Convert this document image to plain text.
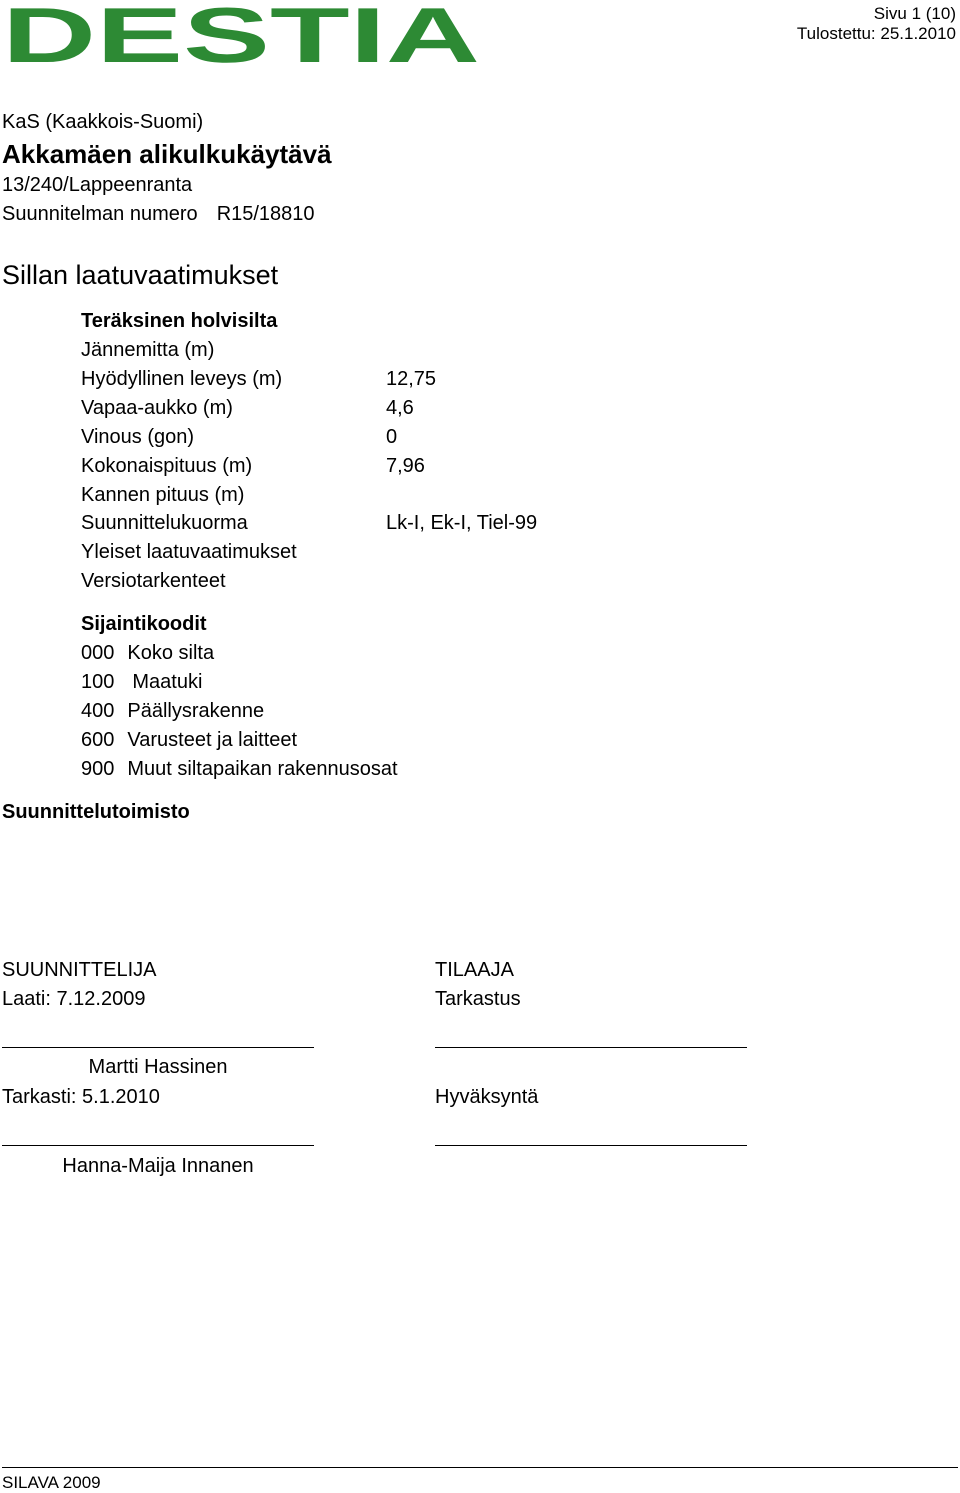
DESTIA	Sivu 1 (10)
Tulostettu: 25.1.2010
KaS (Kaakkois-Suomi)
Akkamäen alikulkukäytävä
13/240/Lappeenranta
Suunnitelman numero R15/18810
Sillan laatuvaatimukset
Teräksinen holvisilta
Jännemitta (m)
Hyödyllinen leveys (m)	12,75
Vapaa-aukko (m)	4,6
Vinous (gon)	0
Kokonaispituus (m)	7,96
Kannen pituus (m)
Suunnittelukuorma	Lk-I, Ek-I, Tiel-99
Yleiset laatuvaatimukset
Versiotarkenteet
Sijaintikoodit
000 Koko silta
100 Maatuki
400 Päällysrakenne
600 Varusteet ja laitteet
900 Muut siltapaikan rakennusosat
Suunnittelutoimisto
SUUNNITTELIJA
Laati: 7.12.2009
Martti Hassinen
Tarkasti: 5.1.2010
Hanna-Maija Innanen
TILAAJA
Tarkastus
Hyväksyntä
SILAVA 2009
